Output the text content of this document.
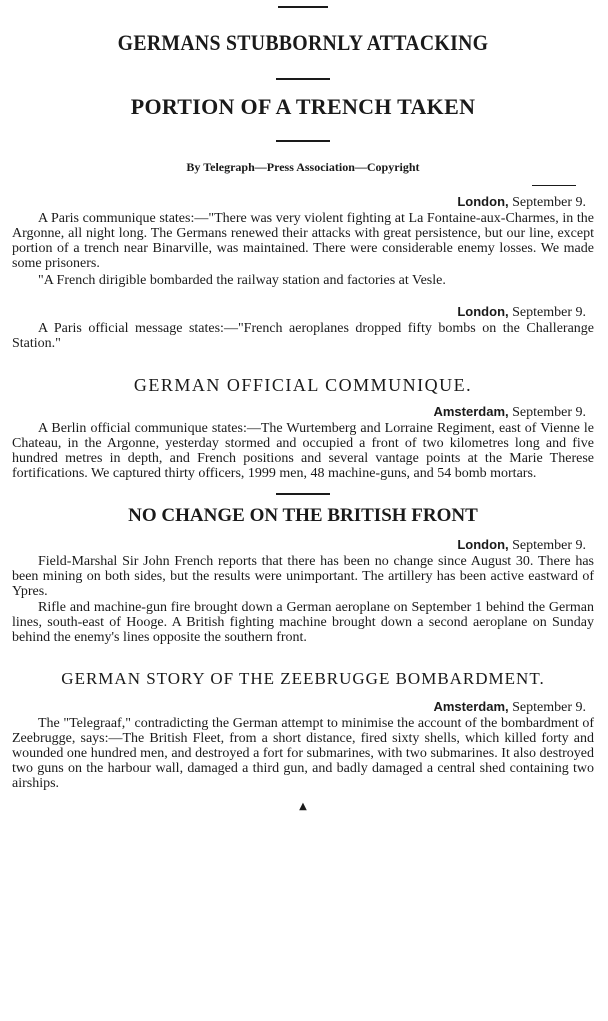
GERMANS STUBBORNLY ATTACKING
PORTION OF A TRENCH TAKEN
By Telegraph—Press Association—Copyright
London, September 9.

A Paris communique states:—"There was very violent fighting at La Fontaine-aux-Charmes, in the Argonne, all night long. The Germans renewed their attacks with great persistence, but our line, except portion of a trench near Binarville, was maintained. There were considerable enemy losses. We made some prisoners.

"A French dirigible bombarded the railway station and factories at Vesle.

London, September 9.

A Paris official message states:—"French aeroplanes dropped fifty bombs on the Challerange Station."

GERMAN OFFICIAL COMMUNIQUE.
Amsterdam, September 9.

A Berlin official communique states:—The Wurtemberg and Lorraine Regiment, east of Vienne le Chateau, in the Argonne, yesterday stormed and occupied a front of two kilometres long and five hundred metres in depth, and French positions and several vantage points at the Marie Therese fortifications. We captured thirty officers, 1999 men, 48 machine-guns, and 54 bomb mortars.

NO CHANGE ON THE BRITISH FRONT
London, September 9.

Field-Marshal Sir John French reports that there has been no change since August 30. There has been mining on both sides, but the results were unimportant. The artillery has been active eastward of Ypres.

Rifle and machine-gun fire brought down a German aeroplane on September 1 behind the German lines, south-east of Hooge. A British fighting machine brought down a second aeroplane on Sunday behind the enemy's lines opposite the southern front.

GERMAN STORY OF THE ZEEBRUGGE BOMBARDMENT.
Amsterdam, September 9.

The "Telegraaf," contradicting the German attempt to minimise the account of the bombardment of Zeebrugge, says:—The British Fleet, from a short distance, fired sixty shells, which killed forty and wounded one hundred men, and destroyed a fort for submarines, with two submarines. It also destroyed two guns on the harbour wall, damaged a third gun, and badly damaged a central shed containing two airships.

▲
